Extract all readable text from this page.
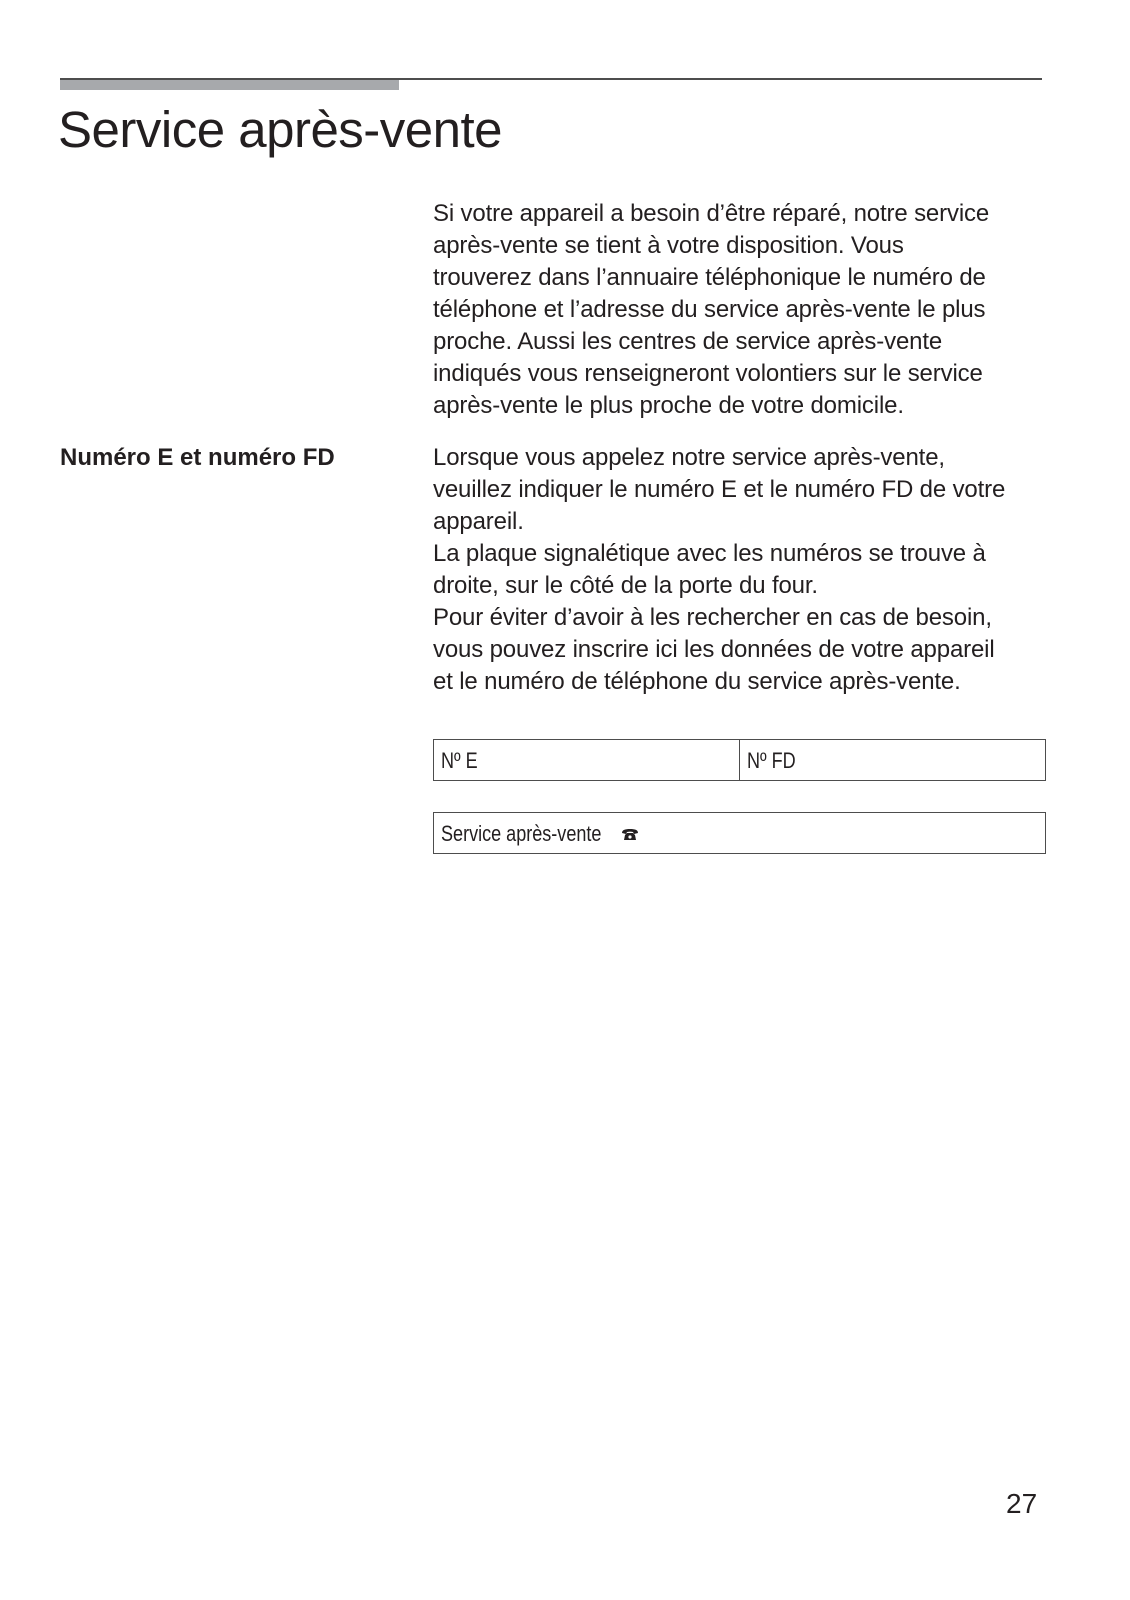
Service après-vente

Si votre appareil a besoin d’être réparé, notre service
après-vente se tient à votre disposition. Vous
trouverez dans l’annuaire téléphonique le numéro de
téléphone et l’adresse du service après-vente le plus
proche. Aussi les centres de service après-vente
indiqués vous renseigneront volontiers sur le service
après-vente le plus proche de votre domicile.

Numéro E et numéro FD	Lorsque vous appelez notre service après-vente,
veuillez indiquer le numéro E et le numéro FD de votre
appareil.
La plaque signalétique avec les numéros se trouve à
droite, sur le côté de la porte du four.
Pour éviter d’avoir à les rechercher en cas de besoin,
vous pouvez inscrire ici les données de votre appareil
et le numéro de téléphone du service après-vente.

Nº E	Nº FD
Service après-vente

27
